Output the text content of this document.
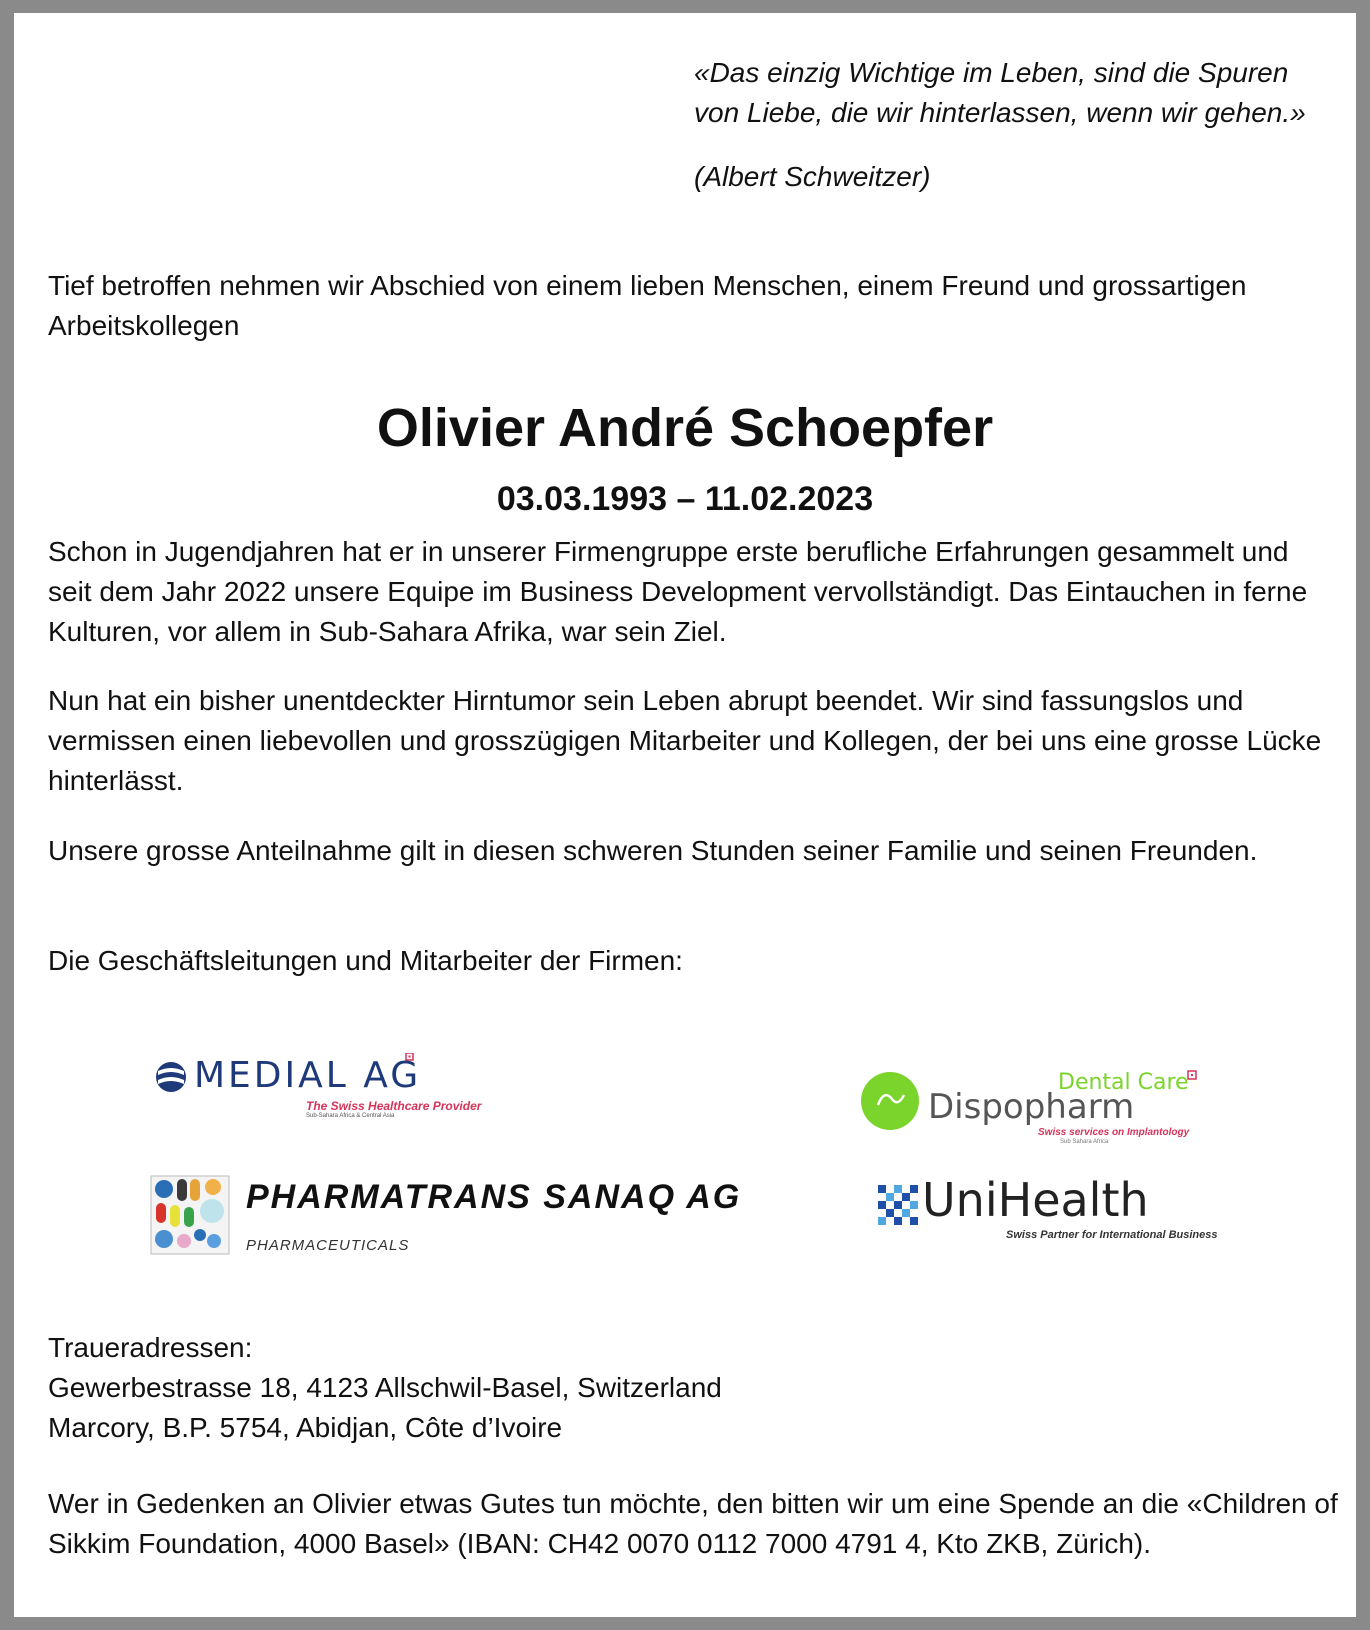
«Das einzig Wichtige im Leben, sind die Spuren von Liebe, die wir hinterlassen, wenn wir gehen.»
(Albert Schweitzer)
Tief betroffen nehmen wir Abschied von einem lieben Menschen, einem Freund und grossartigen Arbeitskollegen
Olivier André Schoepfer
03.03.1993 – 11.02.2023
Schon in Jugendjahren hat er in unserer Firmengruppe erste berufliche Erfahrungen gesammelt und seit dem Jahr 2022 unsere Equipe im Business Development vervollständigt. Das Eintauchen in ferne Kulturen, vor allem in Sub-Sahara Afrika, war sein Ziel.
Nun hat ein bisher unentdeckter Hirntumor sein Leben abrupt beendet. Wir sind fassungslos und vermissen einen liebevollen und grosszügigen Mitarbeiter und Kollegen, der bei uns eine grosse Lücke hinterlässt.
Unsere grosse Anteilnahme gilt in diesen schweren Stunden seiner Familie und seinen Freunden.
Die Geschäftsleitungen und Mitarbeiter der Firmen:
MEDIAL AG
The Swiss Healthcare Provider
Sub-Sahara Africa & Central Asia
Dental Care
Dispopharm
Swiss services on Implantology
Sub Sahara Africa
PHARMATRANS SANAQ AG
PHARMACEUTICALS
UniHealth
Swiss Partner for International Business
Traueradressen:
Gewerbestrasse 18, 4123 Allschwil-Basel, Switzerland
Marcory, B.P. 5754, Abidjan, Côte d’Ivoire
Wer in Gedenken an Olivier etwas Gutes tun möchte, den bitten wir um eine Spende an die «Children of Sikkim Foundation, 4000 Basel» (IBAN: CH42 0070 0112 7000 4791 4, Kto ZKB, Zürich).
